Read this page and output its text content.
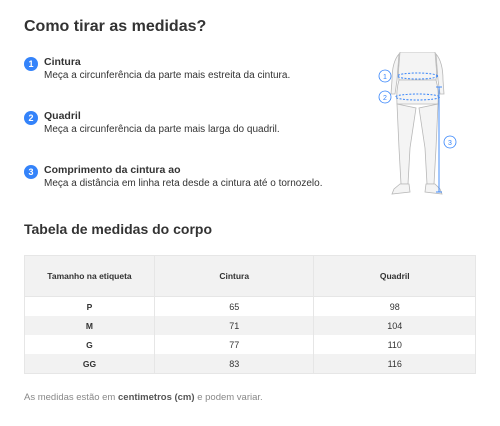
Como tirar as medidas?
1	Cintura
Meça a circunferência da parte mais estreita da cintura.
2	Quadril
Meça a circunferência da parte mais larga do quadril.
3	Comprimento da cintura ao
Meça a distância em linha reta desde a cintura até o tornozelo.
1
2
3
Tabela de medidas do corpo
Tamanho na etiqueta	Cintura	Quadril
P	65	98
M	71	104
G	77	110
GG	83	116
As medidas estão em centimetros (cm) e podem variar.
